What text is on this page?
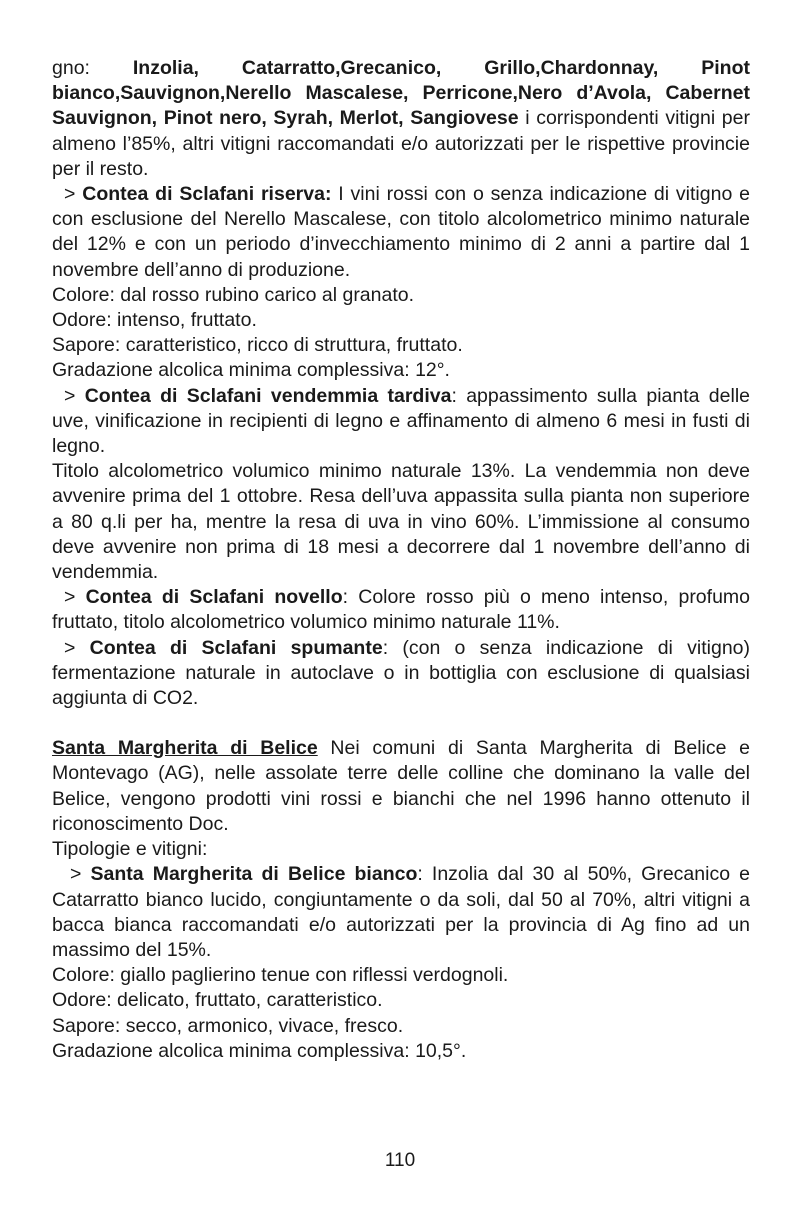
gno: Inzolia, Catarratto,Grecanico, Grillo,Chardonnay, Pinot bianco,Sauvignon,Nerello Mascalese, Perricone,Nero d’Avola, Cabernet Sauvignon, Pinot nero, Syrah, Merlot, Sangiovese i corrispondenti vitigni per almeno l’85%, altri vitigni raccomandati e/o autorizzati per le rispettive provincie per il resto.

> Contea di Sclafani riserva: I vini rossi con o senza indicazione di vitigno e con esclusione del Nerello Mascalese, con titolo alcolometrico minimo naturale del 12% e con un periodo d’invecchiamento minimo di 2 anni a partire dal 1 novembre dell’anno di produzione.

Colore: dal rosso rubino carico al granato.

Odore: intenso, fruttato.

Sapore: caratteristico, ricco di struttura, fruttato.

Gradazione alcolica minima complessiva: 12°.

> Contea di Sclafani vendemmia tardiva: appassimento sulla pianta delle uve, vinificazione in recipienti di legno e affinamento di almeno 6 mesi in fusti di legno.

Titolo alcolometrico volumico minimo naturale 13%. La vendemmia non deve avvenire prima del 1 ottobre. Resa dell’uva appassita sulla pianta non superiore a 80 q.li per ha, mentre la resa di uva in vino 60%. L’immissione al consumo deve avvenire non prima di 18 mesi a decorrere dal 1 novembre dell’anno di vendemmia.

> Contea di Sclafani novello: Colore rosso più o meno intenso, profumo fruttato, titolo alcolometrico volumico minimo naturale 11%.

> Contea di Sclafani spumante: (con o senza indicazione di vitigno) fermentazione naturale in autoclave o in bottiglia con esclusione di qualsiasi aggiunta di CO2.

Santa Margherita di Belice Nei comuni di Santa Margherita di Belice e Montevago (AG), nelle assolate terre delle colline che dominano la valle del Belice, vengono prodotti vini rossi e bianchi che nel 1996 hanno ottenuto il riconoscimento Doc.

Tipologie e vitigni:

> Santa Margherita di Belice bianco: Inzolia dal 30 al 50%, Grecanico e Catarratto bianco lucido, congiuntamente o da soli, dal 50 al 70%, altri vitigni a bacca bianca raccomandati e/o autorizzati per la provincia di Ag fino ad un massimo del 15%.

Colore: giallo paglierino tenue con riflessi verdognoli.

Odore: delicato, fruttato, caratteristico.

Sapore: secco, armonico, vivace, fresco.

Gradazione alcolica minima complessiva: 10,5°.

110
